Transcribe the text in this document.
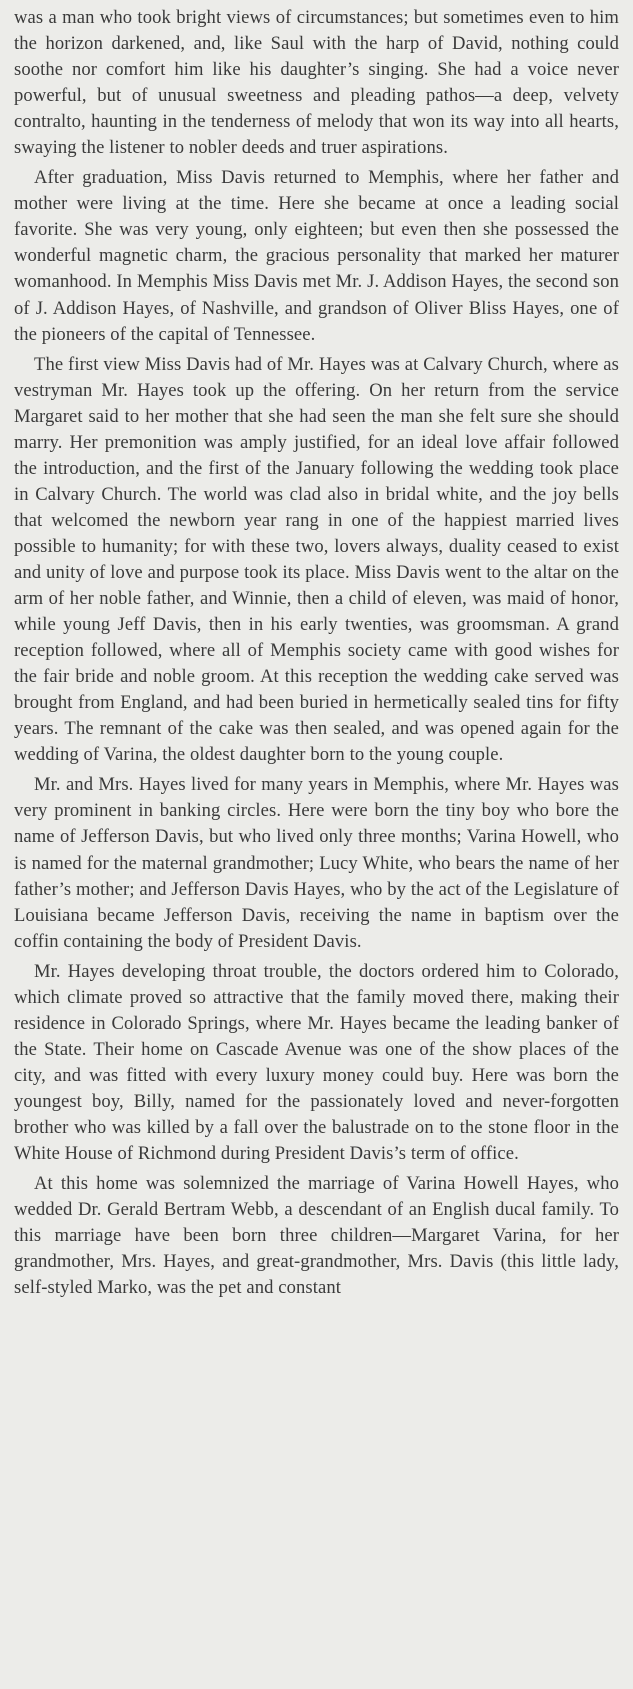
was a man who took bright views of circumstances; but sometimes even to him the horizon darkened, and, like Saul with the harp of David, nothing could soothe nor comfort him like his daughter’s singing. She had a voice never powerful, but of unusual sweetness and pleading pathos—a deep, velvety contralto, haunting in the tenderness of melody that won its way into all hearts, swaying the listener to nobler deeds and truer aspirations.

After graduation, Miss Davis returned to Memphis, where her father and mother were living at the time. Here she became at once a leading social favorite. She was very young, only eighteen; but even then she possessed the wonderful magnetic charm, the gracious personality that marked her maturer womanhood. In Memphis Miss Davis met Mr. J. Addison Hayes, the second son of J. Addison Hayes, of Nashville, and grandson of Oliver Bliss Hayes, one of the pioneers of the capital of Tennessee.

The first view Miss Davis had of Mr. Hayes was at Calvary Church, where as vestryman Mr. Hayes took up the offering. On her return from the service Margaret said to her mother that she had seen the man she felt sure she should marry. Her premonition was amply justified, for an ideal love affair followed the introduction, and the first of the January following the wedding took place in Calvary Church. The world was clad also in bridal white, and the joy bells that welcomed the newborn year rang in one of the happiest married lives possible to humanity; for with these two, lovers always, duality ceased to exist and unity of love and purpose took its place. Miss Davis went to the altar on the arm of her noble father, and Winnie, then a child of eleven, was maid of honor, while young Jeff Davis, then in his early twenties, was groomsman. A grand reception followed, where all of Memphis society came with good wishes for the fair bride and noble groom. At this reception the wedding cake served was brought from England, and had been buried in hermetically sealed tins for fifty years. The remnant of the cake was then sealed, and was opened again for the wedding of Varina, the oldest daughter born to the young couple.

Mr. and Mrs. Hayes lived for many years in Memphis, where Mr. Hayes was very prominent in banking circles. Here were born the tiny boy who bore the name of Jefferson Davis, but who lived only three months; Varina Howell, who is named for the maternal grandmother; Lucy White, who bears the name of her father’s mother; and Jefferson Davis Hayes, who by the act of the Legislature of Louisiana became Jefferson Davis, receiving the name in baptism over the coffin containing the body of President Davis.

Mr. Hayes developing throat trouble, the doctors ordered him to Colorado, which climate proved so attractive that the family moved there, making their residence in Colorado Springs, where Mr. Hayes became the leading banker of the State. Their home on Cascade Avenue was one of the show places of the city, and was fitted with every luxury money could buy. Here was born the youngest boy, Billy, named for the passionately loved and never-forgotten brother who was killed by a fall over the balustrade on to the stone floor in the White House of Richmond during President Davis’s term of office.

At this home was solemnized the marriage of Varina Howell Hayes, who wedded Dr. Gerald Bertram Webb, a descendant of an English ducal family. To this marriage have been born three children—Margaret Varina, for her grandmother, Mrs. Hayes, and great-grandmother, Mrs. Davis (this little lady, self-styled Marko, was the pet and constant
